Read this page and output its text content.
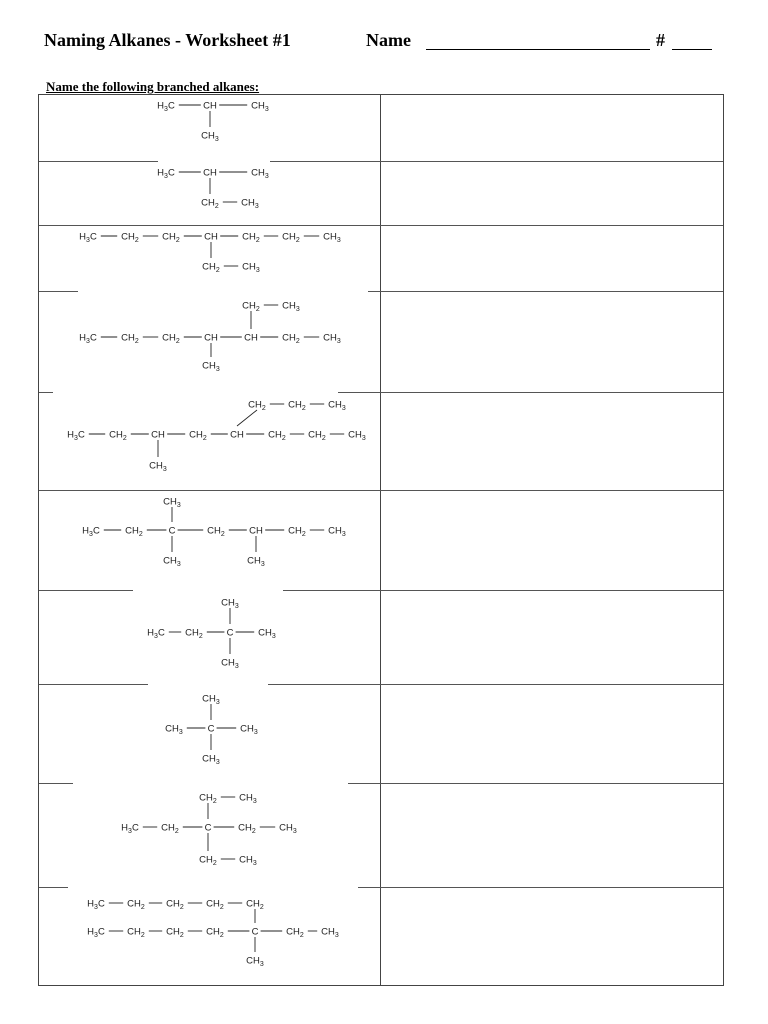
Naming Alkanes - Worksheet #1	Name	#
Name the following branched alkanes:
$H_3C$	CH	$CH_3$
$CH_3$
$H_3C$	CH	$CH_3$
$CH_2$ $CH_3$
$H_3C$	$CH_2$ $CH_2$	CH	$CH_2$ $CH_2$ $CH_3$
$CH_2$ $CH_3$
$H_3C$	$CH_2$ $CH_2$	CH	CH	$CH_2$ $CH_3$
$CH_3$
$CH_2$ $CH_3$
$H_3C$	$CH_2$	CH	$CH_2$ CH	$CH_2$ $CH_2$ $CH_3$
$CH_3$
$CH_2$ $CH_2$ $CH_3$
$H_3C$	$CH_2$	C	$CH_2$	CH	$CH_2$ $CH_3$
$CH_3$
$CH_3$	$CH_3$
$H_3C$ $CH_2$ C	$CH_3$
$CH_3$
$CH_3$
$CH_3$	C	$CH_3$
$CH_3$
$CH_3$
$H_3C$ $CH_2$	C	$CH_2$ $CH_3$
$CH_2$ $CH_3$
$CH_2$ $CH_3$
$H_3C$ $CH_2$ $CH_2$ $CH_2$ $CH_2$
$H_3C$ $CH_2$ $CH_2$ $CH_2$	C	$CH_2$ $CH_3$
$CH_3$
